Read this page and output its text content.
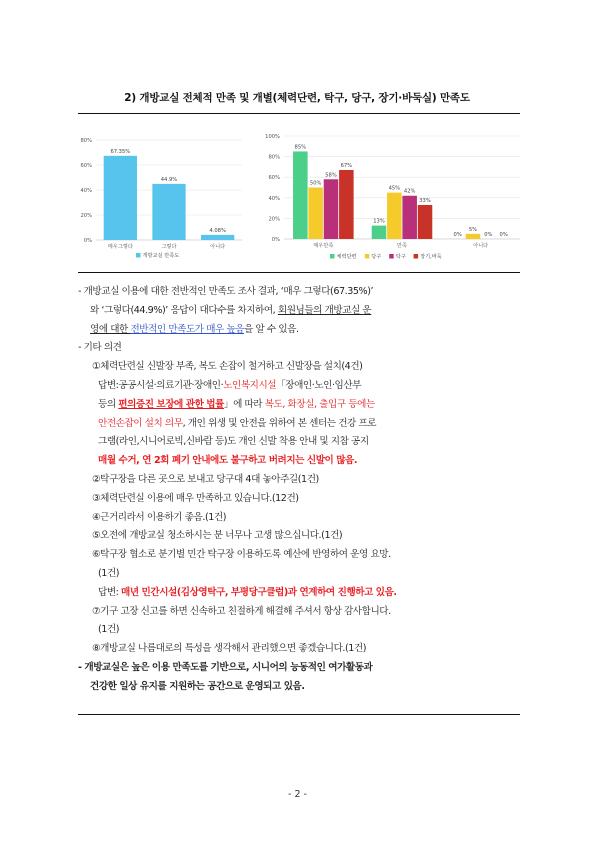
2) 개방교실 전체적 만족 및 개별(체력단련, 탁구, 당구, 장기·바둑실) 만족도
0%
20%
40%
60%
80%
매우그렇다
67.35%
그렇다
44.9%
아니다
4.08%
개방교실 만족도
0%
20%
40%
60%
80%
100%
매우만족
85%
50%
58%
67%
만족
13%
45%
42%
33%
아니다
0%
5%
0% 0%
체력단련	당구	탁구	장기,바둑
- 개방교실 이용에 대한 전반적인 만족도 조사 결과, ‘매우 그렇다(67.35%)’
와 ‘그렇다(44.9%)’ 응답이 대다수를 차지하여, 회원님들의 개방교실 운
영에 대한 전반적인 만족도가 매우 높음을 알 수 있음.
- 기타 의견
①체력단련실 신발장 부족, 복도 손잡이 철거하고 신발장을 설치(4건)
답변:공공시설·의료기관·장애인·노인복지시설「장애인·노인·임산부
등의 편의증진 보장에 관한 법률」에 따라 복도, 화장실, 출입구 등에는
안전손잡이 설치 의무, 개인 위생 및 안전을 위하여 본 센터는 건강 프로
그램(라인,시니어로빅,신바람 등)도 개인 신발 착용 안내 및 지참 공지
매월 수거, 연 2회 폐기 안내에도 불구하고 버려지는 신발이 많음.
②탁구장을 다른 곳으로 보내고 당구대 4대 놓아주길(1건)
③체력단련실 이용에 매우 만족하고 있습니다.(12건)
④근거리라서 이용하기 좋음.(1건)
⑤오전에 개방교실 청소하시는 분 너무나 고생 많으십니다.(1건)
⑥탁구장 협소로 분기별 민간 탁구장 이용하도록 예산에 반영하여 운영 요망.
(1건)
답변: 매년 민간시설(김상영탁구, 부평당구클럽)과 연계하여 진행하고 있음.
⑦기구 고장 신고를 하면 신속하고 친절하게 해결해 주셔서 항상 감사합니다.
(1건)
⑧개방교실 나름대로의 특성을 생각해서 관리했으면 좋겠습니다.(1건)
- 개방교실은 높은 이용 만족도를 기반으로, 시니어의 능동적인 여가활동과
건강한 일상 유지를 지원하는 공간으로 운영되고 있음.
- 2 -
